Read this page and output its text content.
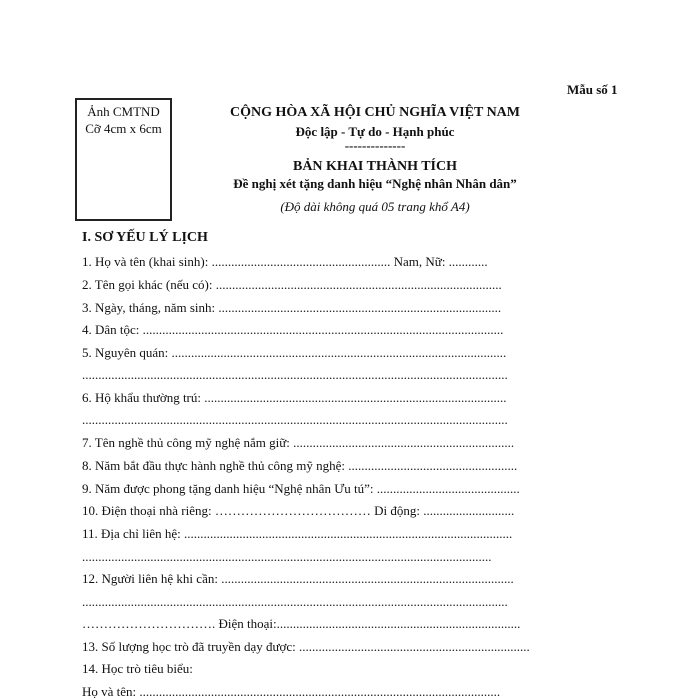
Mẫu số 1
Ảnh CMTND
Cỡ 4cm x 6cm
CỘNG HÒA XÃ HỘI CHỦ NGHĨA VIỆT NAM
Độc lập - Tự do - Hạnh phúc
--------------
BẢN KHAI THÀNH TÍCH
Đề nghị xét tặng danh hiệu “Nghệ nhân Nhân dân”
(Độ dài không quá 05 trang khổ A4)
I. SƠ YẾU LÝ LỊCH
1. Họ và tên (khai sinh): ....................................................... Nam, Nữ: ............
2. Tên gọi khác (nếu có): ........................................................................................
3. Ngày, tháng, năm sinh: .......................................................................................
4. Dân tộc: ...............................................................................................................
5. Nguyên quán: .......................................................................................................
...................................................................................................................................
6. Hộ khẩu thường trú: .............................................................................................
...................................................................................................................................
7. Tên nghề thủ công mỹ nghệ nắm giữ: ....................................................................
8. Năm bắt đầu thực hành nghề thủ công mỹ nghệ: ....................................................
9. Năm được phong tặng danh hiệu “Nghệ nhân Ưu tú”: ............................................
10. Điện thoại nhà riêng: ……………………………… Di động: ............................
11. Địa chỉ liên hệ: .....................................................................................................
..............................................................................................................................
12. Người liên hệ khi cần: ..........................................................................................
...................................................................................................................................
…………………………. Điện thoại:...........................................................................
13. Số lượng học trò đã truyền dạy được: .......................................................................
14. Học trò tiêu biểu:
Họ và tên: ...............................................................................................................
